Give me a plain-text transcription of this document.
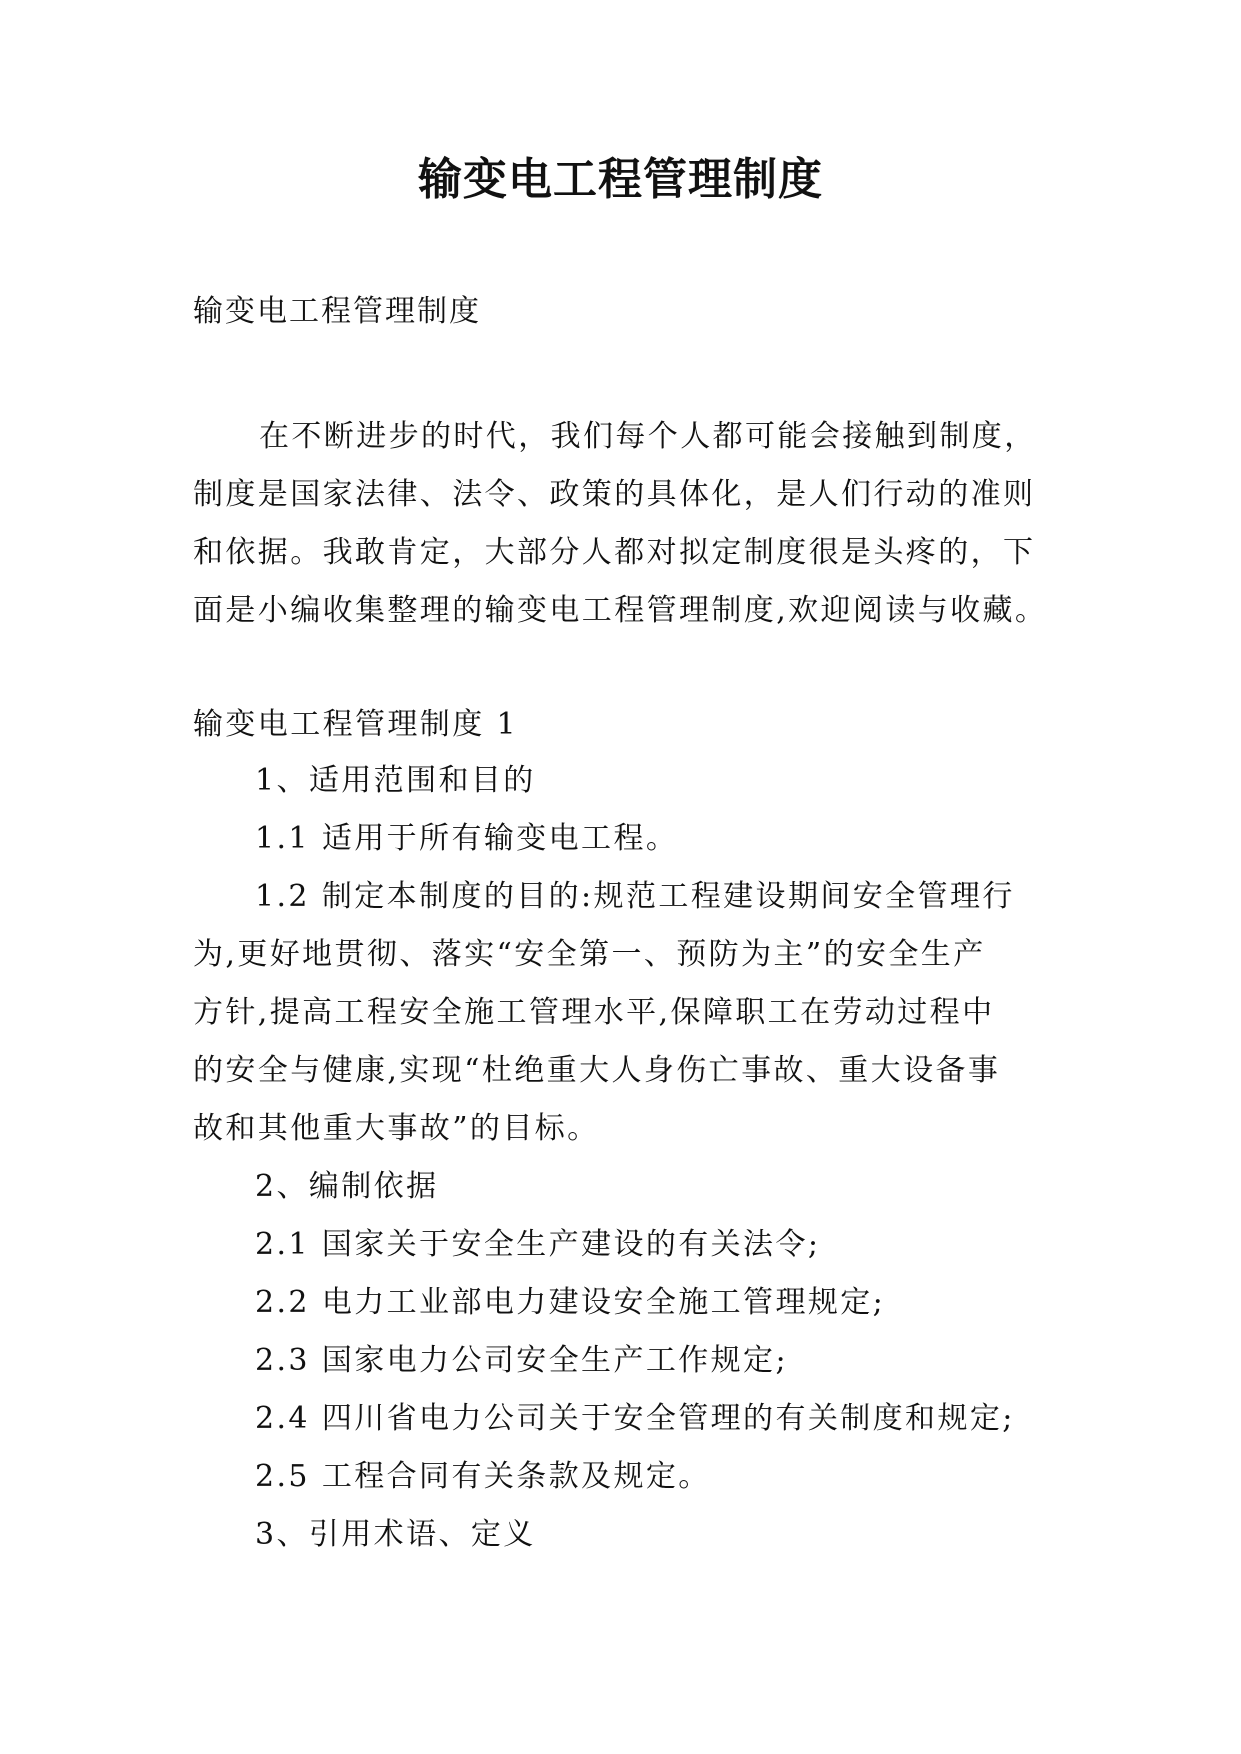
输变电工程管理制度

输变电工程管理制度

在不断进步的时代，我们每个人都可能会接触到制度，
制度是国家法律、法令、政策的具体化，是人们行动的准则
和依据。我敢肯定，大部分人都对拟定制度很是头疼的，下
面是小编收集整理的输变电工程管理制度,欢迎阅读与收藏。

输变电工程管理制度 1

1、适用范围和目的
1.1 适用于所有输变电工程。
1.2 制定本制度的目的:规范工程建设期间安全管理行
为,更好地贯彻、落实“安全第一、预防为主”的安全生产
方针,提高工程安全施工管理水平,保障职工在劳动过程中
的安全与健康,实现“杜绝重大人身伤亡事故、重大设备事
故和其他重大事故”的目标。
2、编制依据
2.1 国家关于安全生产建设的有关法令;
2.2 电力工业部电力建设安全施工管理规定;
2.3 国家电力公司安全生产工作规定;
2.4 四川省电力公司关于安全管理的有关制度和规定;
2.5 工程合同有关条款及规定。
3、引用术语、定义
